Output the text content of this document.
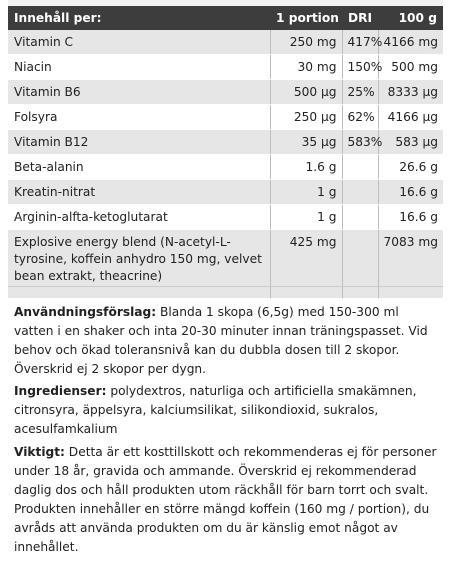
Innehåll per:	1 portion	DRI	100 g
Vitamin C	250 mg	417%	4166 mg
Niacin	30 mg	150%	500 mg
Vitamin B6	500 µg	25%	8333 µg
Folsyra	250 µg	62%	4166 µg
Vitamin B12	35 µg	583%	583 µg
Beta-alanin	1.6 g		26.6 g
Kreatin-nitrat	1 g		16.6 g
Arginin-alfta-ketoglutarat	1 g		16.6 g
Explosive energy blend (N-acetyl-L-tyrosine, koffein anhydro 150 mg, velvet bean extrakt, theacrine)	425 mg		7083 mg

Användningsförslag: Blanda 1 skopa (6,5g) med 150-300 ml vatten i en shaker och inta 20-30 minuter innan träningspasset. Vid behov och ökad toleransnivå kan du dubbla dosen till 2 skopor. Överskrid ej 2 skopor per dygn.

Ingredienser: polydextros, naturliga och artificiella smakämnen, citronsyra, äppelsyra, kalciumsilikat, silikondioxid, sukralos, acesulfamkalium

Viktigt: Detta är ett kosttillskott och rekommenderas ej för personer under 18 år, gravida och ammande. Överskrid ej rekommenderad daglig dos och håll produkten utom räckhåll för barn torrt och svalt. Produkten innehåller en större mängd koffein (160 mg / portion), du avråds att använda produkten om du är känslig emot något av innehållet.
